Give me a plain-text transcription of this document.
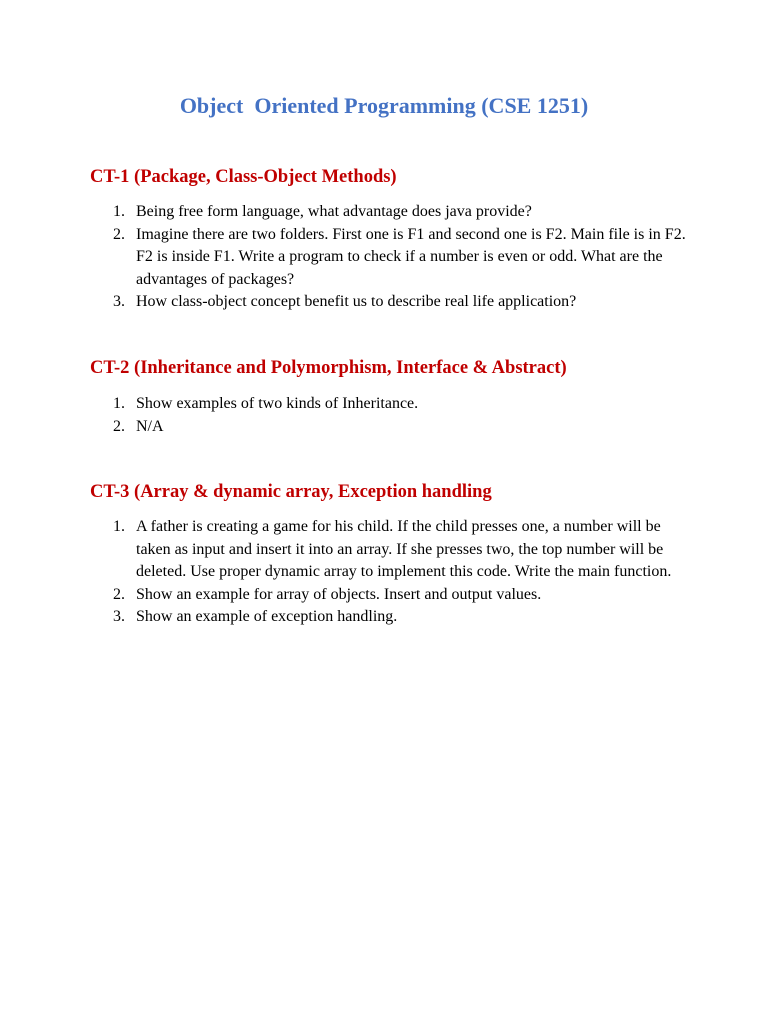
Object  Oriented Programming (CSE 1251)
CT-1 (Package, Class-Object Methods)
1. Being free form language, what advantage does java provide?
2. Imagine there are two folders. First one is F1 and second one is F2. Main file is in F2. F2 is inside F1. Write a program to check if a number is even or odd. What are the advantages of packages?
3. How class-object concept benefit us to describe real life application?
CT-2 (Inheritance and Polymorphism, Interface & Abstract)
1. Show examples of two kinds of Inheritance.
2. N/A
CT-3 (Array & dynamic array, Exception handling
1. A father is creating a game for his child. If the child presses one, a number will be taken as input and insert it into an array. If she presses two, the top number will be deleted. Use proper dynamic array to implement this code. Write the main function.
2. Show an example for array of objects. Insert and output values.
3. Show an example of exception handling.
